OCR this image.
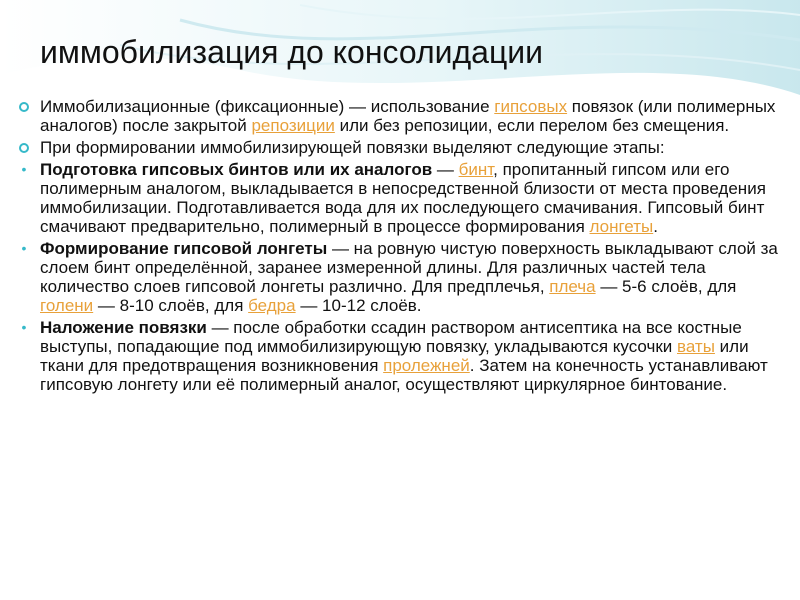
иммобилизация до консолидации
Иммобилизационные (фиксационные) — использование гипсовых повязок (или полимерных аналогов) после закрытой репозиции или без репозиции, если перелом без смещения.
При формировании иммобилизирующей повязки выделяют следующие этапы:
• Подготовка гипсовых бинтов или их аналогов — бинт, пропитанный гипсом или его полимерным аналогом, выкладывается в непосредственной близости от места проведения иммобилизации. Подготавливается вода для их последующего смачивания. Гипсовый бинт смачивают предварительно, полимерный в процессе формирования лонгеты.
• Формирование гипсовой лонгеты — на ровную чистую поверхность выкладывают слой за слоем бинт определённой, заранее измеренной длины. Для различных частей тела количество слоев гипсовой лонгеты различно. Для предплечья, плеча — 5-6 слоёв, для голени — 8-10 слоёв, для бедра — 10-12 слоёв.
• Наложение повязки — после обработки ссадин раствором антисептика на все костные выступы, попадающие под иммобилизирующую повязку, укладываются кусочки ваты или ткани для предотвращения возникновения пролежней. Затем на конечность устанавливают гипсовую лонгету или её полимерный аналог, осуществляют циркулярное бинтование.
